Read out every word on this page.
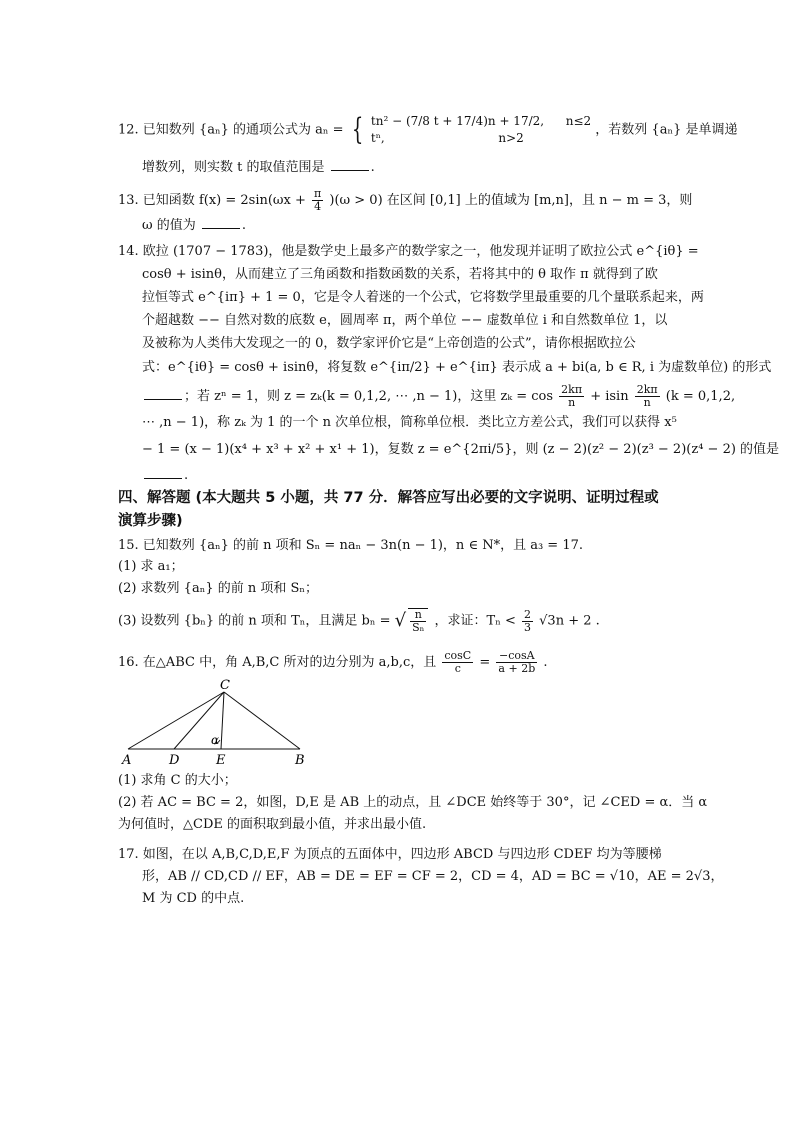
12. 已知数列 {aₙ} 的通项公式为 aₙ = { tn² − (7/8 t + 17/4)n + 17/2, n≤2
tⁿ,	n>2 ，若数列 {aₙ} 是单调递
增数列，则实数 t 的取值范围是	.
13. 已知函数 $f(x) = 2\sin(\omega x + \frac{\pi}{4} )(\omega > 0)$ 在区间 [0,1] 上的值域为 [m,n]，且 n − m = 3，则
ω 的值为	.
14. 欧拉 (1707 − 1783)，他是数学史上最多产的数学家之一，他发现并证明了欧拉公式 e^{iθ} =
cosθ + isinθ，从而建立了三角函数和指数函数的关系，若将其中的 θ 取作 π 就得到了欧
拉恒等式 e^{iπ} + 1 = 0，它是令人着迷的一个公式，它将数学里最重要的几个量联系起来，两
个超越数 −− 自然对数的底数 e，圆周率 π，两个单位 −− 虚数单位 i 和自然数单位 1，以
及被称为人类伟大发现之一的 0，数学家评价它是“上帝创造的公式”，请你根据欧拉公
式：e^{iθ} = cosθ + isinθ，将复数 e^{iπ/2} + e^{iπ} 表示成 a + bi(a, b ∈ R, i 为虚数单位) 的形式
；若 zⁿ = 1，则 z = zₖ(k = 0,1,2, ⋯ ,n − 1)，这里 $z_k = \cos \frac{2k\pi}{n} + isin \frac{2k\pi}{n} (k = 0,1,2$,
⋯ ,n − 1)，称 zₖ 为 1 的一个 n 次单位根，简称单位根．类比立方差公式，我们可以获得 x⁵
− 1 = (x − 1)(x⁴ + x³ + x² + x¹ + 1)，复数 z = e^{2πi/5}，则 (z − 2)(z² − 2)(z³ − 2)(z⁴ − 2) 的值是
.
四、解答题 (本大题共 5 小题，共 77 分．解答应写出必要的文字说明、证明过程或
演算步骤)
15. 已知数列 {aₙ} 的前 n 项和 Sₙ = naₙ − 3n(n − 1)，n ∈ N*，且 a₃ = 17.
(1) 求 a₁；
(2) 求数列 {aₙ} 的前 n 项和 Sₙ；
(3) 设数列 {bₙ} 的前 n 项和 Tₙ，且满足 bₙ = √ $\frac{n}{\text{Sₙ}}$ ，求证：$T_n < \frac{2}{3} √3n + 2$ .
16. 在△ABC 中，角 A,B,C 所对的边分别为 a,b,c，且 $\frac{\cos C}{c} = \frac{-\cos A}{a + 2b}$ .
C
A	D	E	B
α
(1) 求角 C 的大小；
(2) 若 AC = BC = 2，如图，D,E 是 AB 上的动点，且 ∠DCE 始终等于 30°，记 ∠CED = α．当 α
为何值时，△CDE 的面积取到最小值，并求出最小值.
17. 如图，在以 A,B,C,D,E,F 为顶点的五面体中，四边形 ABCD 与四边形 CDEF 均为等腰梯
形，AB // CD,CD // EF，AB = DE = EF = CF = 2，CD = 4，AD = BC = √10，AE = 2√3，
M 为 CD 的中点.
